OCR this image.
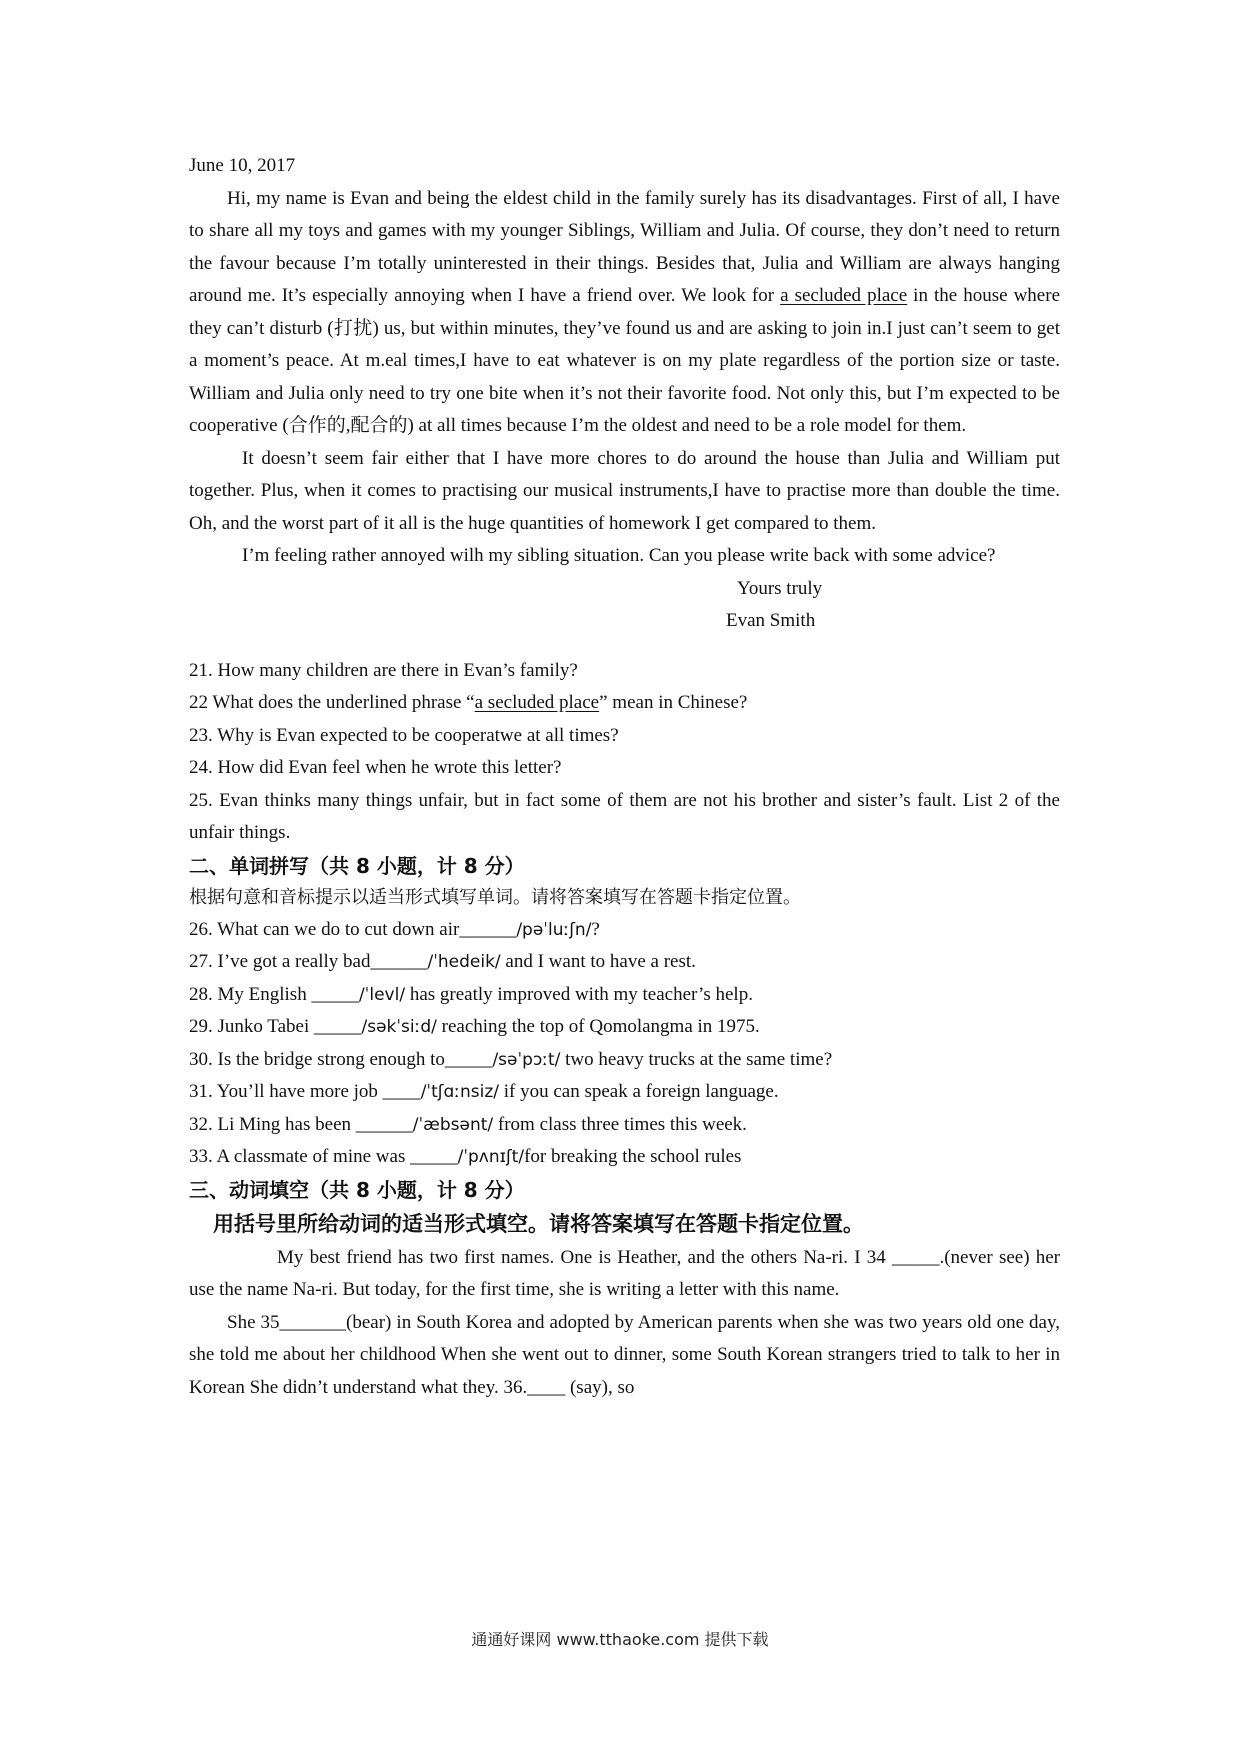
June 10, 2017

Hi, my name is Evan and being the eldest child in the family surely has its disadvantages. First of all, I have to share all my toys and games with my younger Siblings, William and Julia. Of course, they don’t need to return the favour because I’m totally uninterested in their things. Besides that, Julia and William are always hanging around me. It’s especially annoying when I have a friend over. We look for a secluded place in the house where they can’t disturb (打扰) us, but within minutes, they’ve found us and are asking to join in.I just can’t seem to get a moment’s peace. At m.eal times,I have to eat whatever is on my plate regardless of the portion size or taste. William and Julia only need to try one bite when it’s not their favorite food. Not only this, but I’m expected to be cooperative (合作的,配合的) at all times because I’m the oldest and need to be a role model for them.

It doesn’t seem fair either that I have more chores to do around the house than Julia and William put together. Plus, when it comes to practising our musical instruments,I have to practise more than double the time. Oh, and the worst part of it all is the huge quantities of homework I get compared to them.

I’m feeling rather annoyed wilh my sibling situation. Can you please write back with some advice?

Yours truly

Evan Smith

21. How many children are there in Evan’s family?

22 What does the underlined phrase “a secluded place” mean in Chinese?

23. Why is Evan expected to be cooperatwe at all times?

24. How did Evan feel when he wrote this letter?

25. Evan thinks many things unfair, but in fact some of them are not his brother and sister’s fault. List 2 of the unfair things.

二、单词拼写（共 8 小题，计 8 分）

根据句意和音标提示以适当形式填写单词。请将答案填写在答题卡指定位置。

26. What can we do to cut down air______/pəˈluːʃn/?

27. I’ve got a really bad______/ˈhedeik/ and I want to have a rest.

28. My English _____/ˈlevl/ has greatly improved with my teacher’s help.

29. Junko Tabei _____/səkˈsiːd/ reaching the top of Qomolangma in 1975.

30. Is the bridge strong enough to_____/səˈpɔːt/ two heavy trucks at the same time?

31. You’ll have more job ____/ˈtʃɑːnsiz/ if you can speak a foreign language.

32. Li Ming has been ______/ˈæbsənt/ from class three times this week.

33. A classmate of mine was _____/ˈpʌnɪʃt/for breaking the school rules

三、动词填空（共 8 小题，计 8 分）

用括号里所给动词的适当形式填空。请将答案填写在答题卡指定位置。

My best friend has two first names. One is Heather, and the others Na-ri. I 34 _____.(never see) her use the name Na-ri. But today, for the first time, she is writing a letter with this name.

She 35_______(bear) in South Korea and adopted by American parents when she was two years old one day, she told me about her childhood When she went out to dinner, some South Korean strangers tried to talk to her in Korean She didn’t understand what they. 36.____ (say), so

通通好课网 www.tthaoke.com 提供下载
